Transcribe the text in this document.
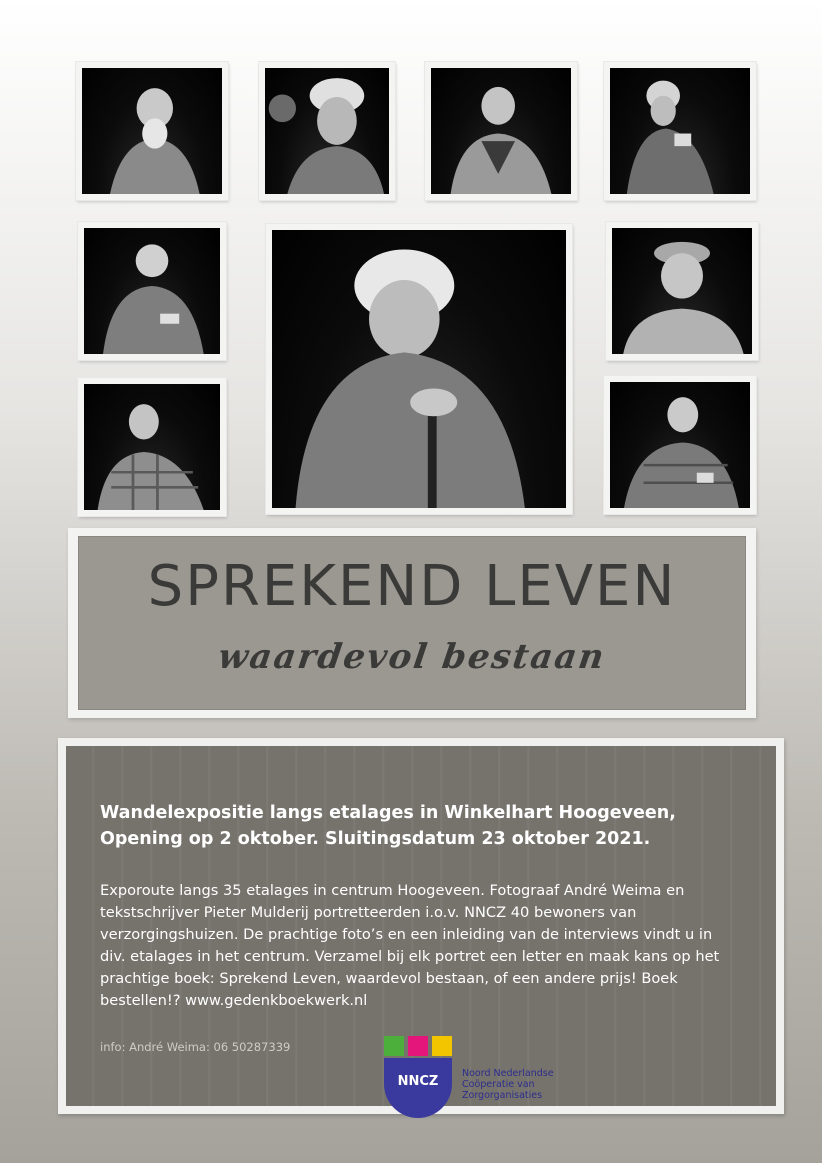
SPREKEND LEVEN
waardevol bestaan
Wandelexpositie langs etalages in Winkelhart Hoogeveen,
Opening op 2 oktober. Sluitingsdatum 23 oktober 2021.
Exporoute langs 35 etalages in centrum Hoogeveen. Fotograaf André Weima en tekstschrijver Pieter Mulderij portretteerden i.o.v. NNCZ 40 bewoners van verzorgingshuizen. De prachtige foto’s en een inleiding van de interviews vindt u in div. etalages in het centrum. Verzamel bij elk portret een letter en maak kans op het prachtige boek: Sprekend Leven, waardevol bestaan, of een andere prijs! Boek bestellen!? www.gedenkboekwerk.nl
info: André Weima: 06 50287339
NNCZ
Noord Nederlandse
Coöperatie van
Zorgorganisaties
